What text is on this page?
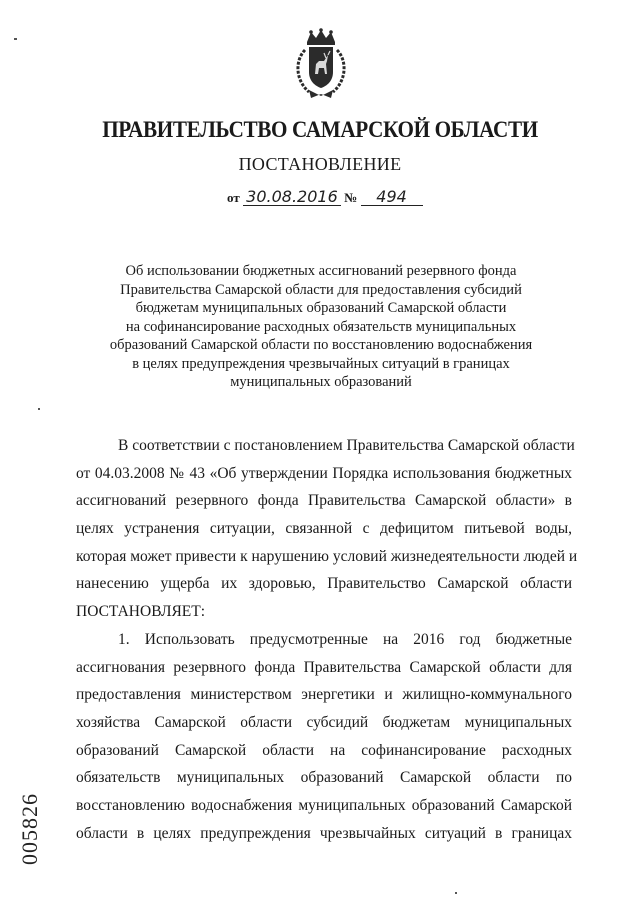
ПРАВИТЕЛЬСТВО САМАРСКОЙ ОБЛАСТИ
ПОСТАНОВЛЕНИЕ
от 30.08.2016 № 494
Об использовании бюджетных ассигнований резервного фонда
Правительства Самарской области для предоставления субсидий
бюджетам муниципальных образований Самарской области
на софинансирование расходных обязательств муниципальных
образований Самарской области по восстановлению водоснабжения
в целях предупреждения чрезвычайных ситуаций в границах
муниципальных образований
В соответствии с постановлением Правительства Самарской области
от 04.03.2008 № 43 «Об утверждении Порядка использования бюджетных
ассигнований резервного фонда Правительства Самарской области» в
целях устранения ситуации, связанной с дефицитом питьевой воды,
которая может привести к нарушению условий жизнедеятельности людей и
нанесению ущерба их здоровью, Правительство Самарской области
ПОСТАНОВЛЯЕТ:
1. Использовать предусмотренные на 2016 год бюджетные
ассигнования резервного фонда Правительства Самарской области для
предоставления министерством энергетики и жилищно-коммунального
хозяйства Самарской области субсидий бюджетам муниципальных
образований Самарской области на софинансирование расходных
обязательств муниципальных образований Самарской области по
восстановлению водоснабжения муниципальных образований Самарской
области в целях предупреждения чрезвычайных ситуаций в границах
005826
